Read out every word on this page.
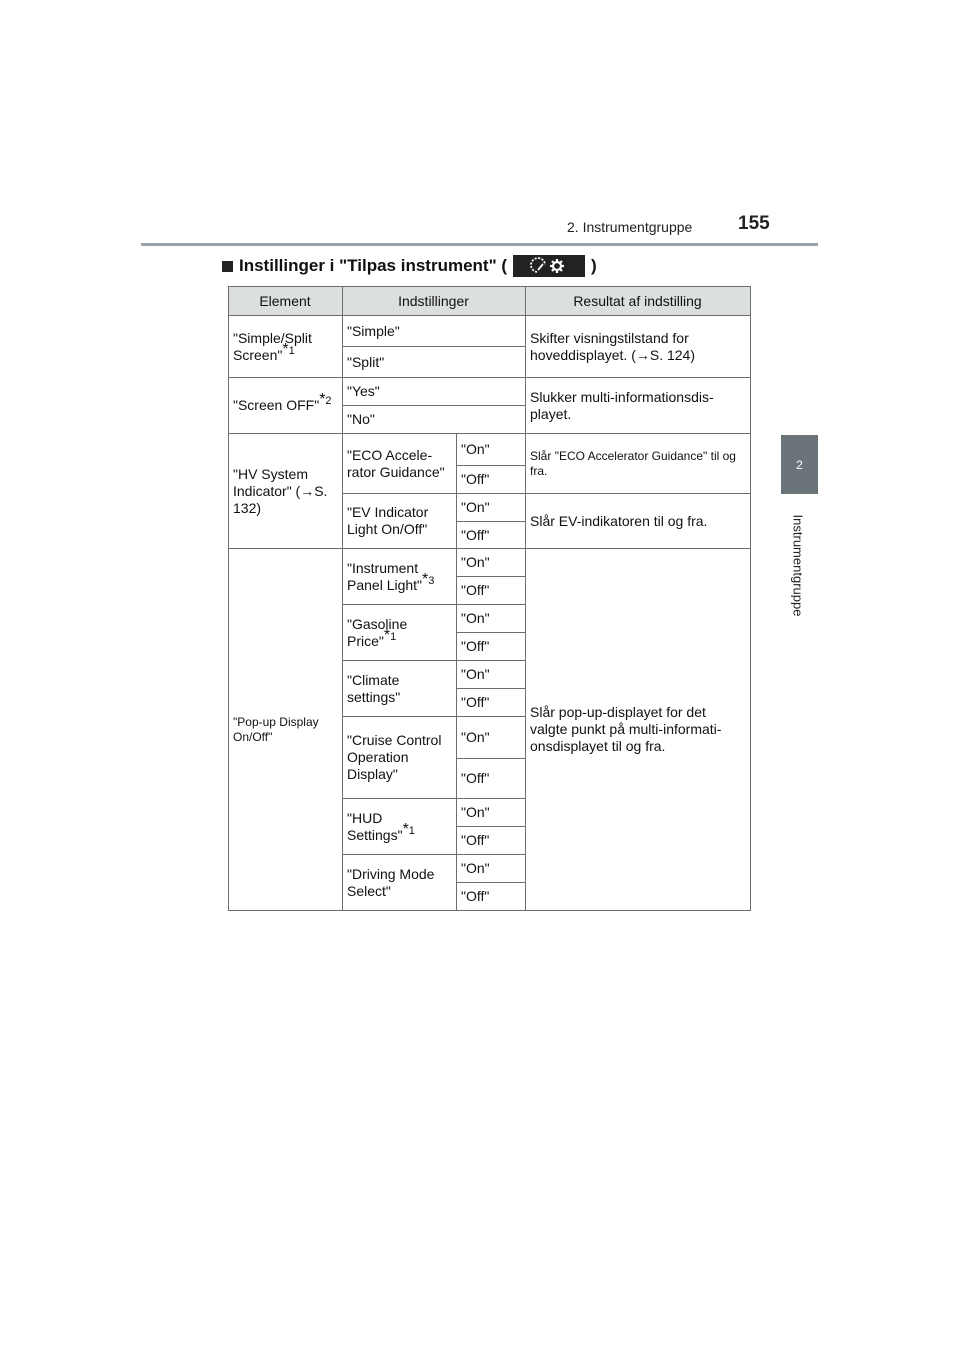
2. Instrumentgruppe 155
2
Instrumentgruppe
Instillinger i "Tilpas instrument" (	)
Element	Indstillinger		Resultat af indstilling
"Simple/Split Screen"$^{*1}$	"Simple"		Skifter visningstilstand for hoveddisplayet. (→S. 124)
	"Split"		
"Screen OFF"$^{*2}$	"Yes"		Slukker multi-informationsdis-playet.
	"No"		
"HV System Indicator" (→S. 132)	"ECO Accele-rator Guidance"	"On"	Slår "ECO Accelerator Guidance" til og fra.
		"Off"	
	"EV Indicator Light On/Off"	"On"	Slår EV-indikatoren til og fra.
		"Off"	
"Pop-up Display On/Off"	"Instrument Panel Light"$^{*3}$	"On"	Slår pop-up-displayet for det valgte punkt på multi-informati-onsdisplayet til og fra.
		"Off"	
	"Gasoline Price"$^{*1}$	"On"	
		"Off"	
	"Climate settings"	"On"	
		"Off"	
	"Cruise Control Operation Display"	"On"	
		"Off"	
	"HUD Settings"$^{*1}$	"On"	
		"Off"	
	"Driving Mode Select"	"On"	
		"Off"	
